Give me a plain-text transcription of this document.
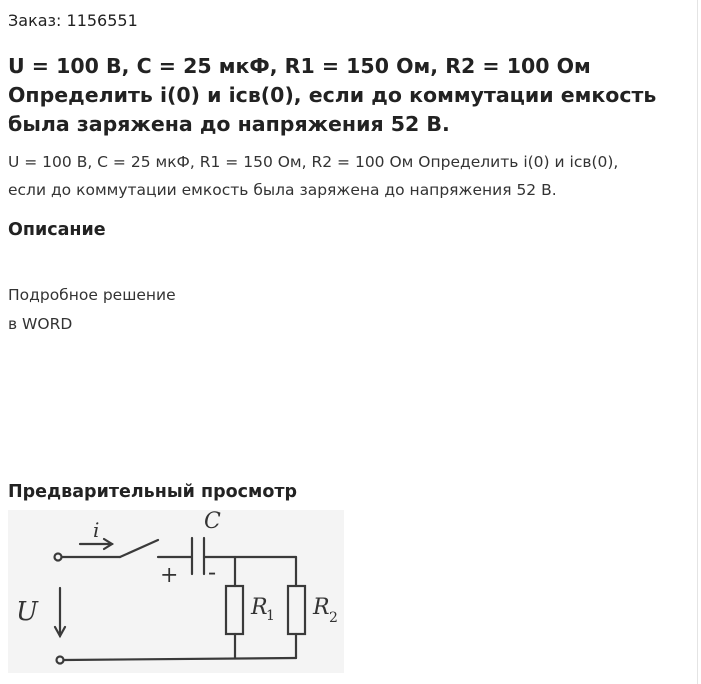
Заказ: 1156551
U = 100 В, C = 25 мкФ, R1 = 150 Ом, R2 = 100 Ом
Определить i(0) и iсв(0), если до коммутации емкость
была заряжена до напряжения 52 В.

U = 100 В, C = 25 мкФ, R1 = 150 Ом, R2 = 100 Ом Определить i(0) и iсв(0),
если до коммутации емкость была заряжена до напряжения 52 В.

Описание
Подробное решение
в WORD
Предварительный просмотр
i	C
+ -
U	R
1 R 2
